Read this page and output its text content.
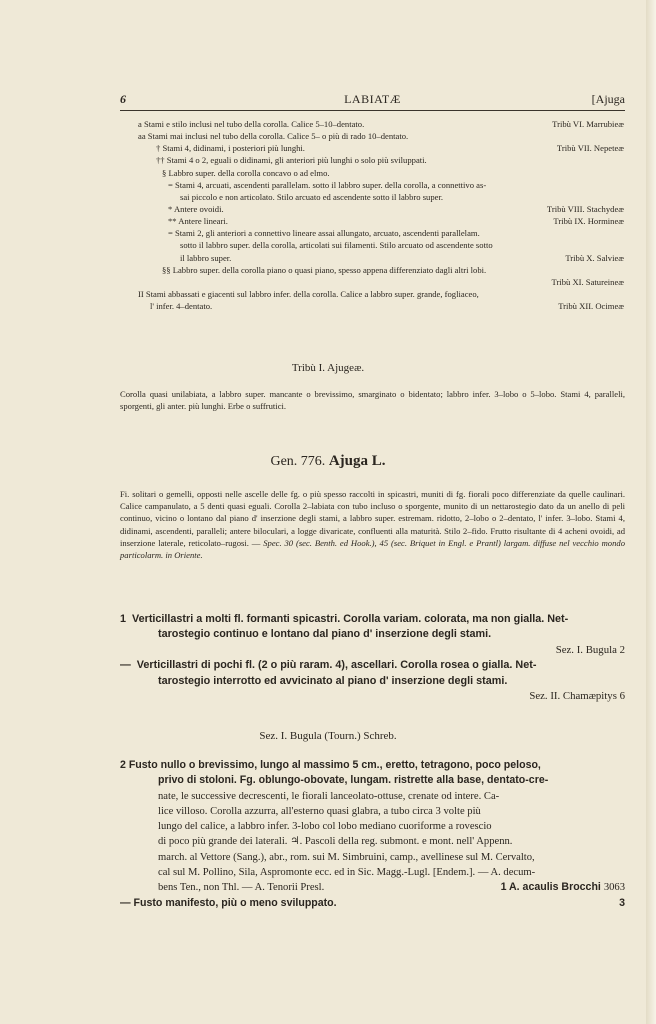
6	LABIATÆ	[Ajuga
a Stami e stilo inclusi nel tubo della corolla. Calice 5–10–dentato.	Tribù VI. Marrubieæ
aa Stami mai inclusi nel tubo della corolla. Calice 5– o più di rado 10–dentato.
† Stami 4, didinami, i posteriori più lunghi.	Tribù VII. Nepeteæ
†† Stami 4 o 2, eguali o didinami, gli anteriori più lunghi o solo più sviluppati.
§ Labbro super. della corolla concavo o ad elmo.
= Stami 4, arcuati, ascendenti parallelam. sotto il labbro super. della corolla, a connettivo as-
sai piccolo e non articolato. Stilo arcuato ed ascendente sotto il labbro super.
* Antere ovoidi.	Tribù VIII. Stachydeæ
** Antere lineari.	Tribù IX. Hormineæ
= Stami 2, gli anteriori a connettivo lineare assai allungato, arcuato, ascendenti parallelam.
sotto il labbro super. della corolla, articolati sui filamenti. Stilo arcuato od ascendente sotto
il labbro super.	Tribù X. Salvieæ
§§ Labbro super. della corolla piano o quasi piano, spesso appena differenziato dagli altri lobi.
Tribù XI. Satureineæ
II Stami abbassati e giacenti sul labbro infer. della corolla. Calice a labbro super. grande, fogliaceo,
l' infer. 4–dentato.	Tribù XII. Ocimeæ
Tribù I. Ajugeæ.
Corolla quasi unilabiata, a labbro super. mancante o brevissimo, smarginato o bidentato; labbro infer. 3–lobo o 5–lobo. Stami 4, paralleli, sporgenti, gli anter. più lunghi. Erbe o suffrutici.
Gen. 776. Ajuga L.
Fi. solitari o gemelli, opposti nelle ascelle delle fg. o più spesso raccolti in spicastri, muniti di fg. fiorali poco differenziate da quelle caulinari. Calice campanulato, a 5 denti quasi eguali. Corolla 2–labiata con tubo incluso o sporgente, munito di un nettarostegio dato da un anello di peli continuo, vicino o lontano dal piano d' inserzione degli stami, a labbro super. estremam. ridotto, 2–lobo o 2–dentato, l' infer. 3–lobo. Stami 4, didinami, ascendenti, paralleli; antere biloculari, a logge divaricate, confluenti alla maturità. Stilo 2–fido. Frutto risultante di 4 acheni ovoidi, ad inserzione laterale, reticolato–rugosi. — Spec. 30 (sec. Benth. ed Hook.), 45 (sec. Briquet in Engl. e Prantl) largam. diffuse nel vecchio mondo particolarm. in Oriente.
1 Verticillastri a molti fl. formanti spicastri. Corolla variam. colorata, ma non gialla. Net-
tarostegio continuo e lontano dal piano d' inserzione degli stami.
Sez. I. Bugula 2
— Verticillastri di pochi fl. (2 o più raram. 4), ascellari. Corolla rosea o gialla. Net-
tarostegio interrotto ed avvicinato al piano d' inserzione degli stami.
Sez. II. Chamæpitys 6
Sez. I. Bugula (Tourn.) Schreb.
2 Fusto nullo o brevissimo, lungo al massimo 5 cm., eretto, tetragono, poco peloso,
privo di stoloni. Fg. oblungo-obovate, lungam. ristrette alla base, dentato-cre-
nate, le successive decrescenti, le fiorali lanceolato-ottuse, crenate od intere. Ca-
lice villoso. Corolla azzurra, all'esterno quasi glabra, a tubo circa 3 volte più
lungo del calice, a labbro infer. 3-lobo col lobo mediano cuoriforme a rovescio
di poco più grande dei laterali. ♃. Pascoli della reg. submont. e mont. nell' Appenn.
march. al Vettore (Sang.), abr., rom. sui M. Simbruini, camp., avellinese sul M. Cervalto,
cal sul M. Pollino, Sila, Aspromonte ecc. ed in Sic. Magg.-Lugl. [Endem.]. — A. decum-
bens Ten., non Thl. — A. Tenorii Presl.	1 A. acaulis Brocchi 3063
— Fusto manifesto, più o meno sviluppato.	3
